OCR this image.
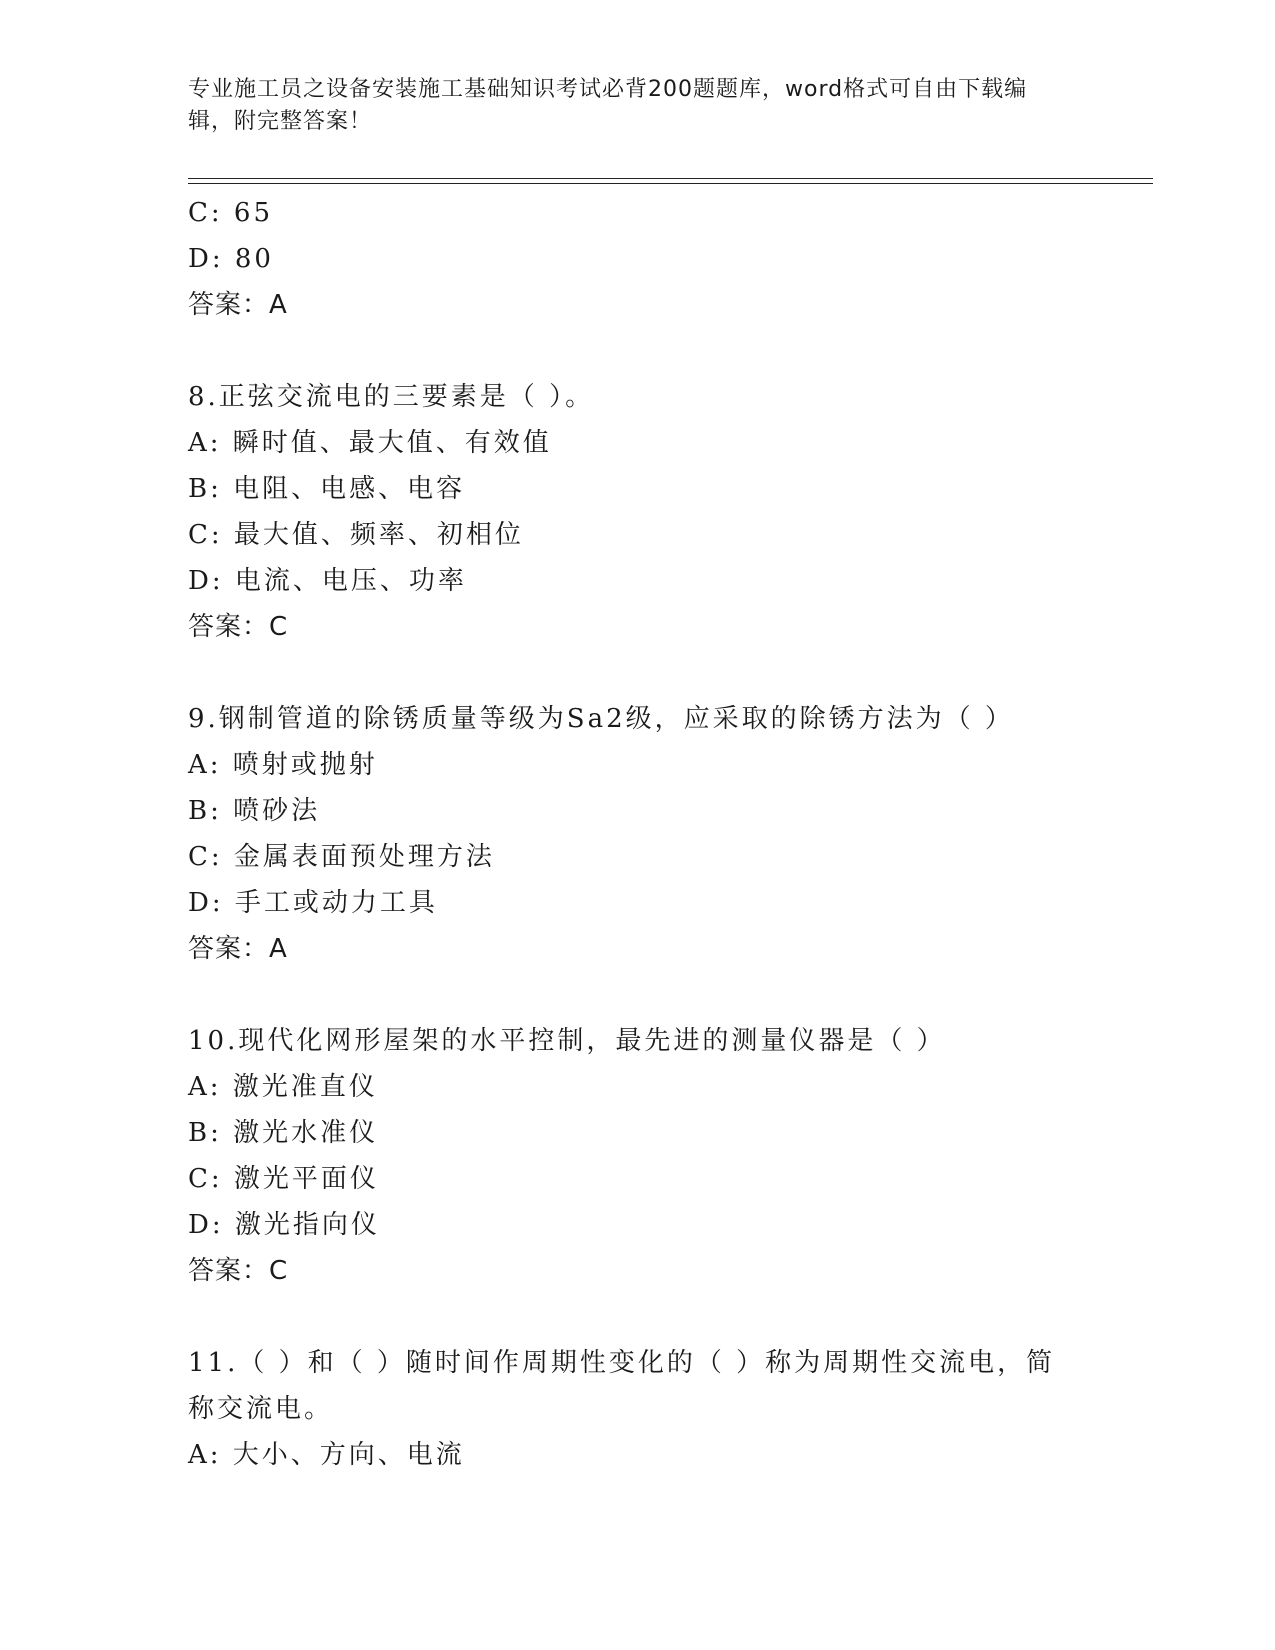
专业施工员之设备安装施工基础知识考试必背200题题库，word格式可自由下载编辑，附完整答案！
C: 65
D: 80
答案：A
8.正弦交流电的三要素是（ ）。
A: 瞬时值、最大值、有效值
B: 电阻、电感、电容
C: 最大值、频率、初相位
D: 电流、电压、功率
答案：C
9.钢制管道的除锈质量等级为Sa2级，应采取的除锈方法为（ ）
A: 喷射或抛射
B: 喷砂法
C: 金属表面预处理方法
D: 手工或动力工具
答案：A
10.现代化网形屋架的水平控制，最先进的测量仪器是（ ）
A: 激光准直仪
B: 激光水准仪
C: 激光平面仪
D: 激光指向仪
答案：C
11.（ ）和（ ）随时间作周期性变化的（ ）称为周期性交流电，简称交流电。
A: 大小、方向、电流
